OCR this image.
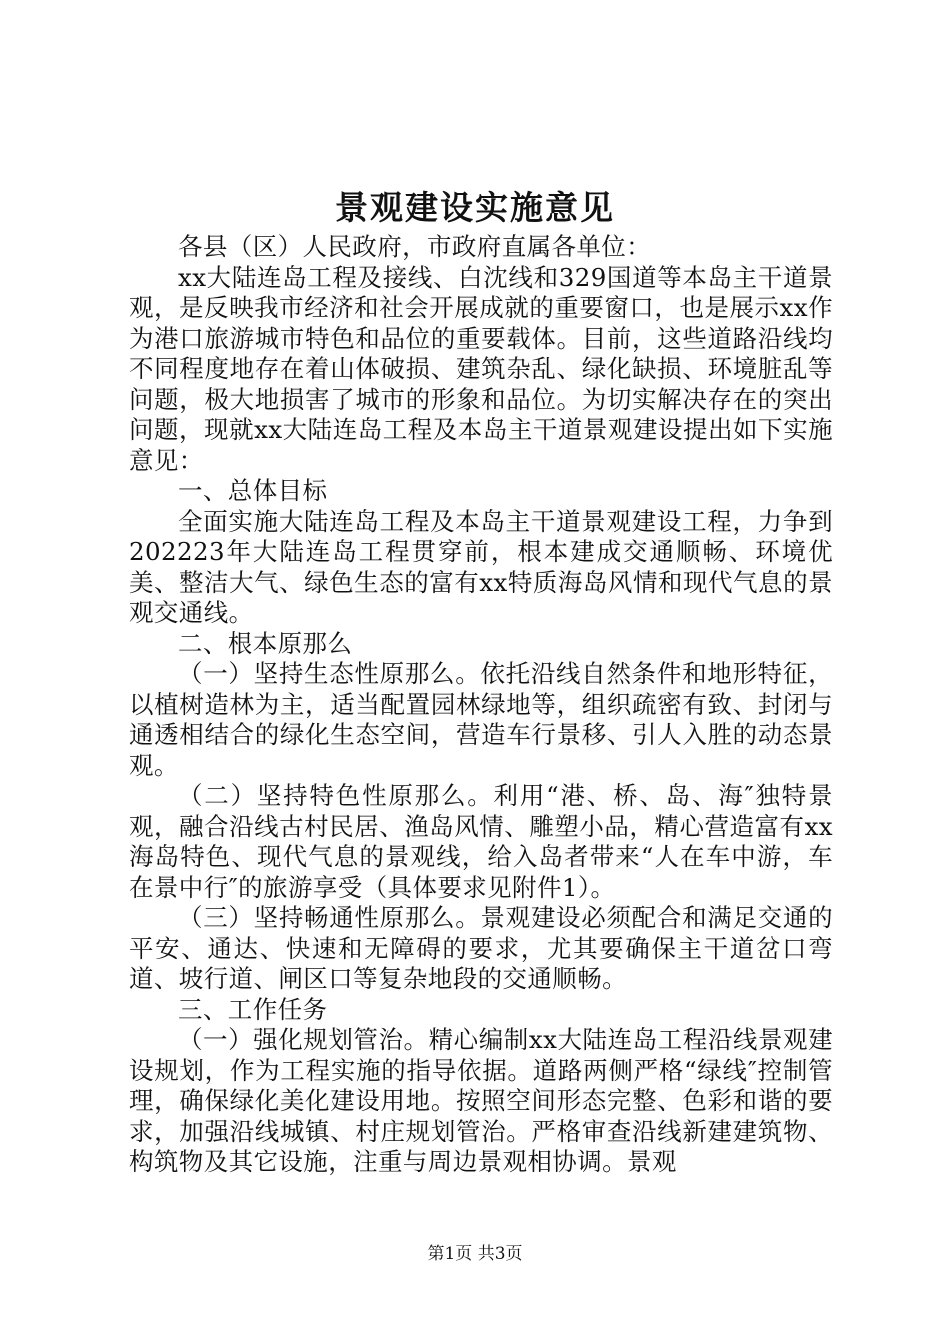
景观建设实施意见

各县（区）人民政府，市政府直属各单位：

xx大陆连岛工程及接线、白沈线和329国道等本岛主干道景观，是反映我市经济和社会开展成就的重要窗口，也是展示xx作为港口旅游城市特色和品位的重要载体。目前，这些道路沿线均不同程度地存在着山体破损、建筑杂乱、绿化缺损、环境脏乱等问题，极大地损害了城市的形象和品位。为切实解决存在的突出问题，现就xx大陆连岛工程及本岛主干道景观建设提出如下实施意见：

一、总体目标

全面实施大陆连岛工程及本岛主干道景观建设工程，力争到202223年大陆连岛工程贯穿前，根本建成交通顺畅、环境优美、整洁大气、绿色生态的富有xx特质海岛风情和现代气息的景观交通线。

二、根本原那么

（一）坚持生态性原那么。依托沿线自然条件和地形特征，以植树造林为主，适当配置园林绿地等，组织疏密有致、封闭与通透相结合的绿化生态空间，营造车行景移、引人入胜的动态景观。

（二）坚持特色性原那么。利用“港、桥、岛、海″独特景观，融合沿线古村民居、渔岛风情、雕塑小品，精心营造富有xx海岛特色、现代气息的景观线，给入岛者带来“人在车中游，车在景中行″的旅游享受（具体要求见附件1）。

（三）坚持畅通性原那么。景观建设必须配合和满足交通的平安、通达、快速和无障碍的要求，尤其要确保主干道岔口弯道、坡行道、闸区口等复杂地段的交通顺畅。

三、工作任务

（一）强化规划管治。精心编制xx大陆连岛工程沿线景观建设规划，作为工程实施的指导依据。道路两侧严格“绿线″控制管理，确保绿化美化建设用地。按照空间形态完整、色彩和谐的要求，加强沿线城镇、村庄规划管治。严格审查沿线新建建筑物、构筑物及其它设施，注重与周边景观相协调。景观

第1页 共3页
